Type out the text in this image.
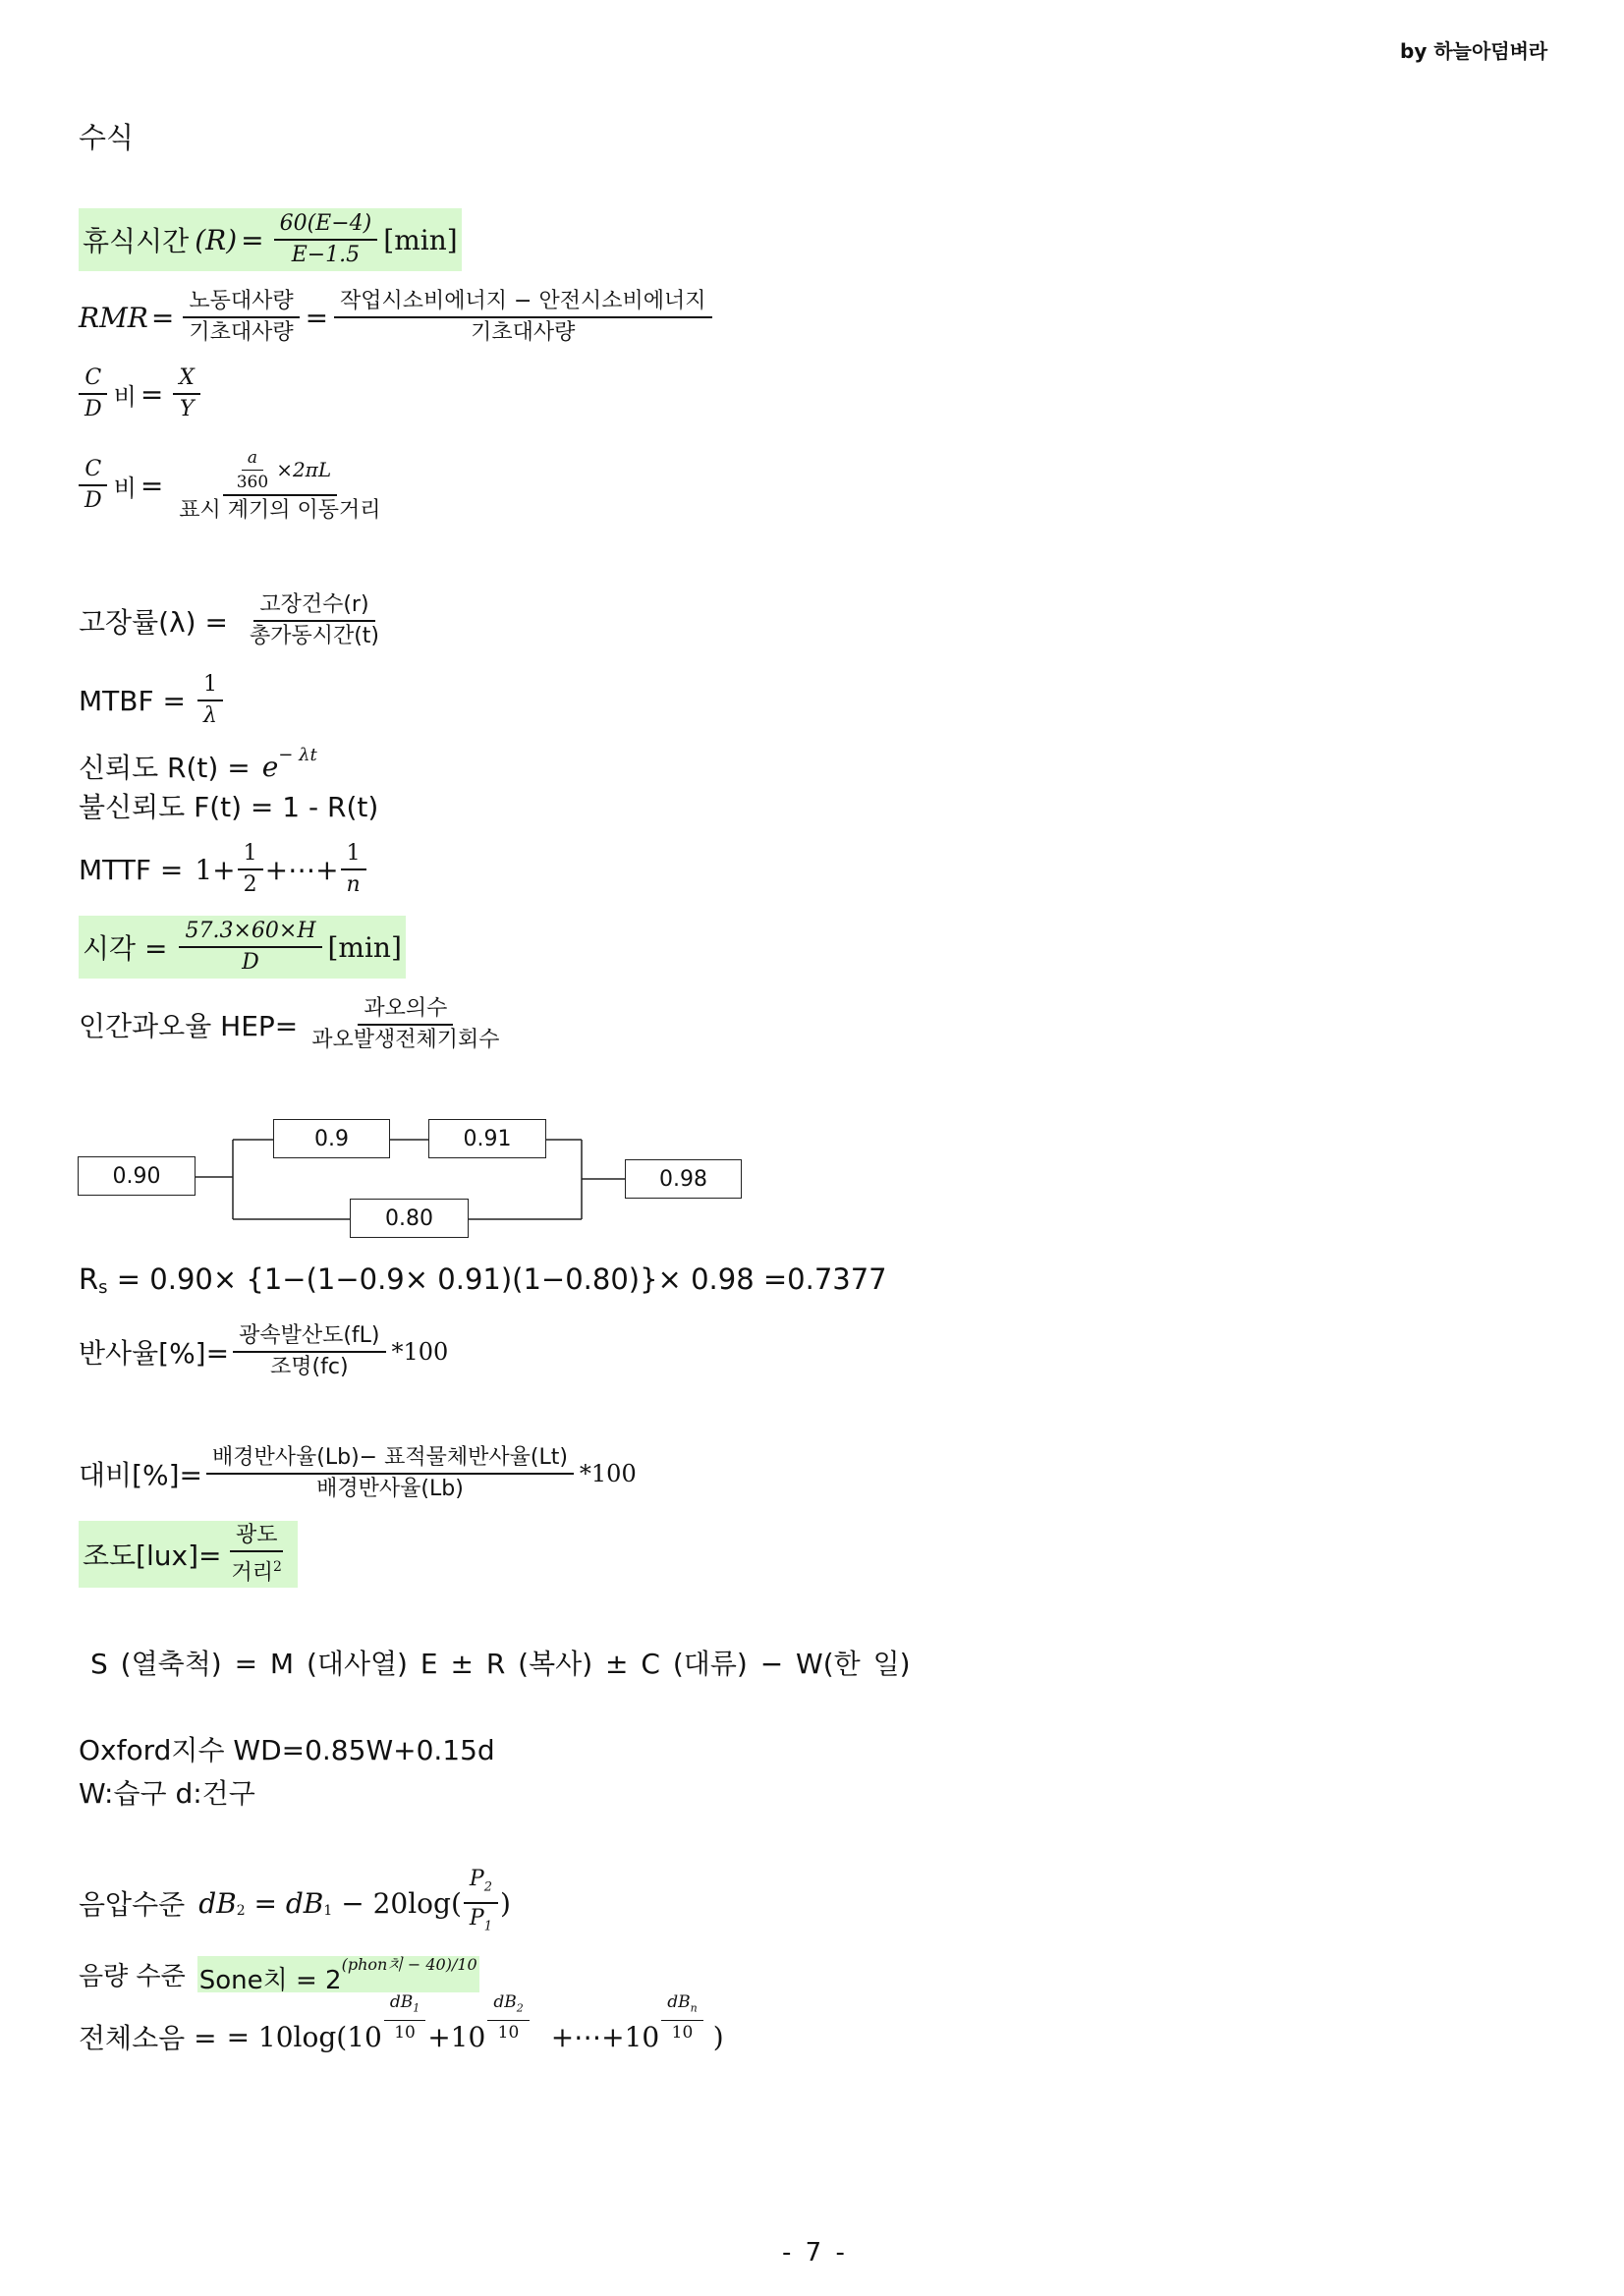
by 하늘아덤벼라
수식
휴식시간 $(R) = \frac{60(E-4)}{E-1.5} [\min]$
RMR = $\frac{\text{노동대사량}}{\text{기초대사량}} = \frac{\text{작업시소비에너지 − 안전시소비에너지}}{\text{기초대사량}}$
$\frac{C}{D}$ 비 = $\frac{X}{Y}$
$\frac{C}{D}$ 비 = $\frac{\frac{a}{360} \times 2\pi L}{\text{표시 계기의 이동거리}}$
고장률$(\lambda) = \frac{\text{고장건수(r)}}{\text{총가동시간(t)}}$
MTBF = $\frac{1}{\lambda}$
신뢰도 $R(t) = e^{- \lambda t}$
불신뢰도 F(t) = 1 - R(t)
MTTF = $1+ \frac{1}{2}$ +⋯+ $\frac{1}{n}$
시각 = $\frac{57.3\times 60\times H}{D} [\min]$
인간과오율 $HEP= \frac{\text{과오의수}}{\text{과오발생전체기회수}}$
0.90
0.9	0.91
0.80
0.98
$R_s = 0.90\times \{1-(1-0.9\times 0.91)(1-0.80)\}\times 0.98 =0.7377$
반사율[%]= $\frac{\text{광속발산도(fL)}}{\text{조명(fc)}} *100$
대비[%]= $\frac{\text{배경반사율(Lb)− 표적물체반사율(Lt)}}{\text{배경반사율(Lb)}} *100$
조도$[lux]= \frac{\text{광도}}{거리^2}$
S (열축척) = M (대사열) E ± R (복사) ± C (대류) − W(한 일)
Oxford지수 WD=0.85W+0.15d
W:습구 d:건구
음압수준 $dB_2 = dB_1 - 20\log( \frac{P_2}{P_1}$ )
음량 수준 Sone치 = 2
$^{(phon치 - 40)/10}$
전체소음 = = $10\log(10 \frac{dB_1}{10} +10 \frac{dB_2}{10}$ +⋯+10 $\frac{dB_n}{10}$ )
- 7 -
